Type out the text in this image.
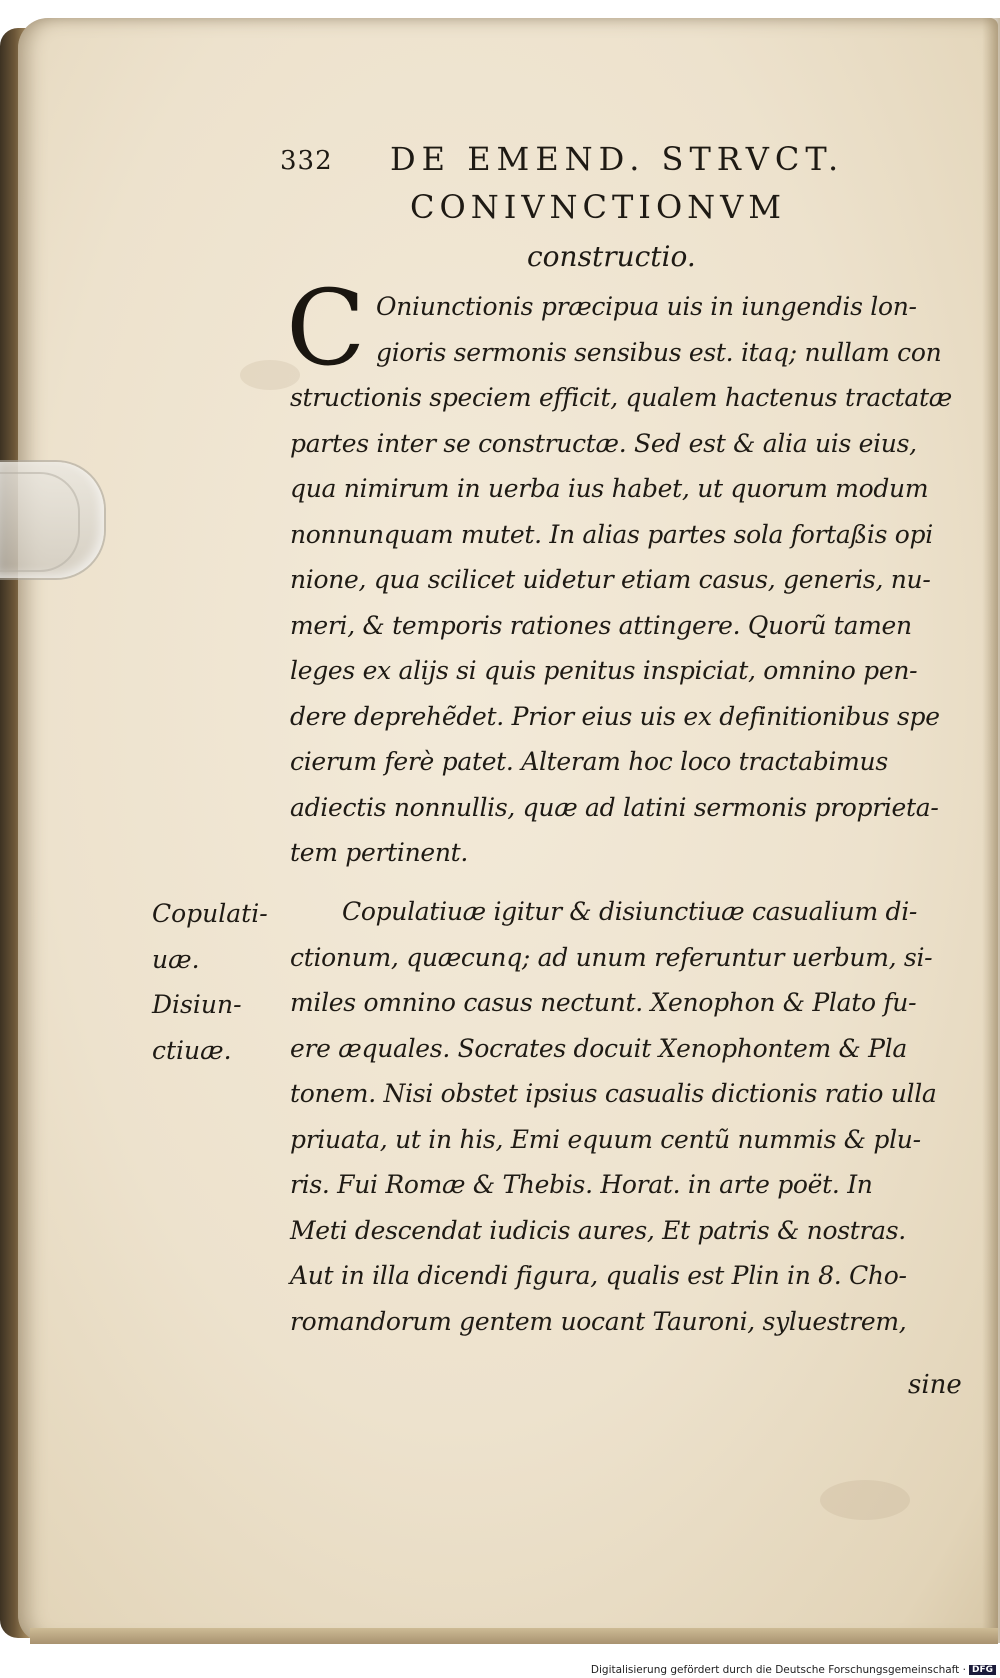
332 DE EMEND. STRVCT.
CONIVNCTIONVM
constructio.
C Oniunctionis præcipua uis in iungendis lon-
gioris sermonis sensibus est. itaq; nullam con
structionis speciem efficit, qualem hactenus tractatæ
partes inter se constructæ. Sed est & alia uis eius,
qua nimirum in uerba ius habet, ut quorum modum
nonnunquam mutet. In alias partes sola fortaßis opi
nione, qua scilicet uidetur etiam casus, generis, nu-
meri, & temporis rationes attingere. Quorũ tamen
leges ex alijs si quis penitus inspiciat, omnino pen-
dere deprehẽdet. Prior eius uis ex definitionibus spe
cierum ferè patet. Alteram hoc loco tractabimus
adiectis nonnullis, quæ ad latini sermonis proprieta-
tem pertinent.
Copulati-
uæ.
Disiun-
ctiuæ.
Copulatiuæ igitur & disiunctiuæ casualium di-
ctionum, quæcunq; ad unum referuntur uerbum, si-
miles omnino casus nectunt. Xenophon & Plato fu-
ere æquales. Socrates docuit Xenophontem & Pla
tonem. Nisi obstet ipsius casualis dictionis ratio ulla
priuata, ut in his, Emi equum centũ nummis & plu-
ris. Fui Romæ & Thebis. Horat. in arte poët. In
Meti descendat iudicis aures, Et patris & nostras.
Aut in illa dicendi figura, qualis est Plin in 8. Cho-
romandorum gentem uocant Tauroni, syluestrem,
sine
Digitalisierung gefördert durch die Deutsche Forschungsgemeinschaft · DFG
